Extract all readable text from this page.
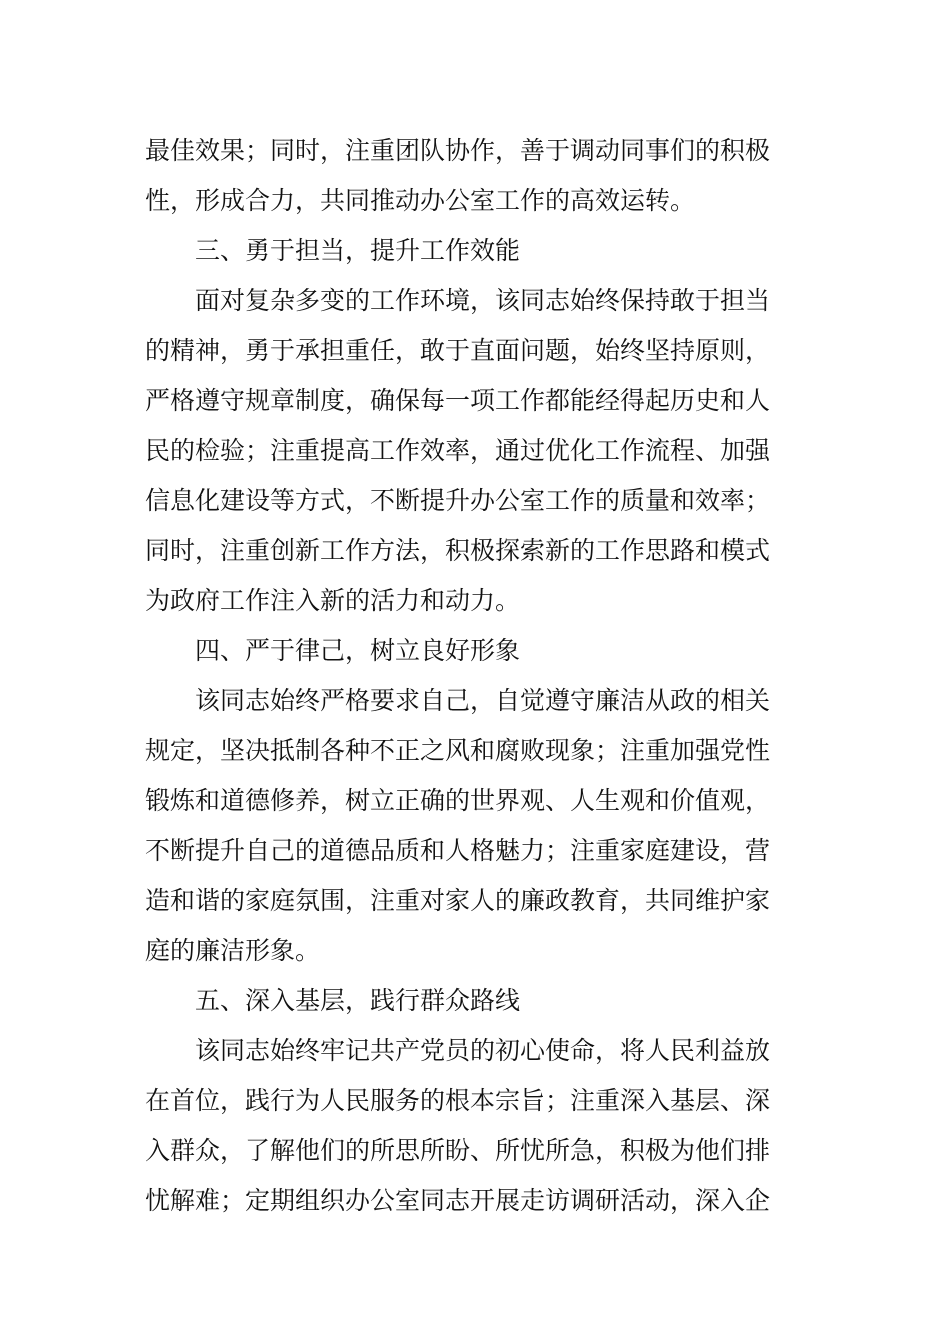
最佳效果；同时，注重团队协作，善于调动同事们的积极
性，形成合力，共同推动办公室工作的高效运转。
三、勇于担当，提升工作效能
面对复杂多变的工作环境，该同志始终保持敢于担当
的精神，勇于承担重任，敢于直面问题，始终坚持原则，
严格遵守规章制度，确保每一项工作都能经得起历史和人
民的检验；注重提高工作效率，通过优化工作流程、加强
信息化建设等方式，不断提升办公室工作的质量和效率；
同时，注重创新工作方法，积极探索新的工作思路和模式
为政府工作注入新的活力和动力。
四、严于律己，树立良好形象
该同志始终严格要求自己，自觉遵守廉洁从政的相关
规定，坚决抵制各种不正之风和腐败现象；注重加强党性
锻炼和道德修养，树立正确的世界观、人生观和价值观，
不断提升自己的道德品质和人格魅力；注重家庭建设，营
造和谐的家庭氛围，注重对家人的廉政教育，共同维护家
庭的廉洁形象。
五、深入基层，践行群众路线
该同志始终牢记共产党员的初心使命，将人民利益放
在首位，践行为人民服务的根本宗旨；注重深入基层、深
入群众，了解他们的所思所盼、所忧所急，积极为他们排
忧解难；定期组织办公室同志开展走访调研活动，深入企
